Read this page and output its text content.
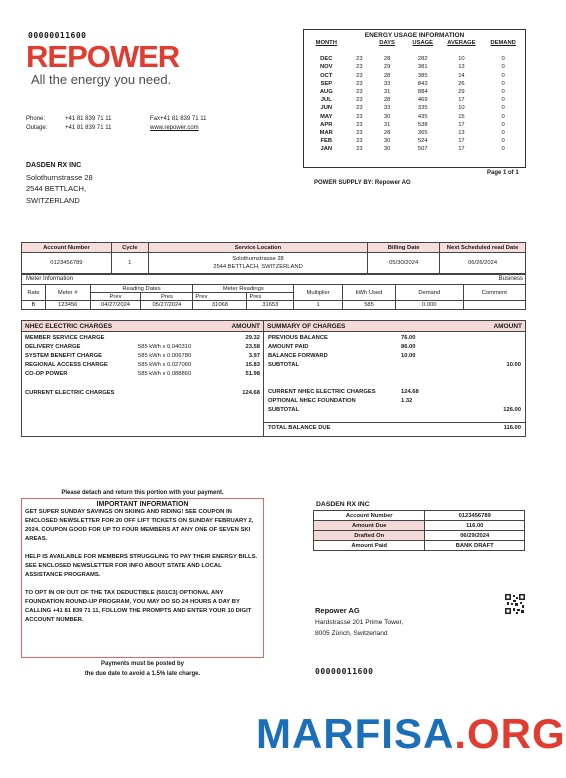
00000011600
REPOWER
All the energy you need.
Phone:
Outage:
+41 81 839 71 11
+41 81 839 71 11
Fax+41 81 839 71 11
www.repower.com
DASDEN RX INC
Solothurnstrasse 28
2544 BETTLACH,
SWITZERLAND
ENERGY USAGE INFORMATION
MONTH		DAYS	USAGE	AVERAGE	DEMAND

DEC	23	28	282	10	0
NOV	23	29	381	13	0
OCT	23	28	385	14	0
SEP	23	33	843	26	0
AUG	23	31	884	29	0
JUL	23	28	469	17	0
JUN	23	33	335	10	0
MAY	23	30	435	15	0
APR	23	31	538	17	0
MAR	23	28	365	13	0
FEB	23	30	524	17	0
JAN	23	30	507	17	0
Page 1 of 1
POWER SUPPLY BY: Repower AG
Account Number	Cycle	Service Location	Billing Date	Next Scheduled read Date
0123456789	1	Solothurnstrasse 28
2544 BETTLACH, SWITZERLAND	05/30/2024	06/26/2024
Meter Information	Business
Rate	Meter #	Reading Dates		Meter Readings		Multiplier	kWh Used	Demand	Comment
		Prev	Pres	Prev	Pres				
B	123456	04/27/2024	05/27/2024	31068	31653	1	585	0.000	
NHEC ELECTRIC CHARGES	AMOUNT SUMMARY OF CHARGES	AMOUNT
MEMBER SERVICE CHARGE	29.32
DELIVERY CHARGE	585 kWh x 0.040310	23.58
SYSTEM BENEFIT CHARGE	585 kWh x 0.006780	3.97
REGIONAL ACCESS CHARGE	585 kWh x 0.027060	15.83
CO-OP POWER	585 kWh x 0.088860	51.98
CURRENT ELECTRIC CHARGES	124.68
PREVIOUS BALANCE	76.00
AMOUNT PAID	86.00
BALANCE FORWARD	10.00
SUBTOTAL	10.00
CURRENT NHEC ELECTRIC CHARGES	124.68
OPTIONAL NHEC FOUNDATION	1.32
SUBTOTAL	126.00
TOTAL BALANCE DUE	116.00
Please detach and return this portion with your payment.
IMPORTANT INFORMATION

GET SUPER SUNDAY SAVINGS ON SKIING AND RIDING! SEE COUPON IN ENCLOSED NEWSLETTER FOR 20 OFF LIFT TICKETS ON SUNDAY FEBRUARY 2, 2024. COUPON GOOD FOR UP TO FOUR MEMBERS AT ANY ONE OF SEVEN SKI AREAS.

HELP IS AVAILABLE FOR MEMBERS STRUGGLING TO PAY THEIR ENERGY BILLS. SEE ENCLOSED NEWSLETTER FOR INFO ABOUT STATE AND LOCAL ASSISTANCE PROGRAMS.

TO OPT IN OR OUT OF THE TAX DEDUCTIBLE (501C3) OPTIONAL ANY FOUNDATION ROUND-UP PROGRAM, YOU MAY DO SO 24 HOURS A DAY BY CALLING +41 81 839 71 11, FOLLOW THE PROMPTS AND ENTER YOUR 10 DIGIT ACCOUNT NUMBER.

Payments must be posted by
the due date to avoid a 1.5% late charge.
DASDEN RX INC
Account Number	0123456789
Amount Due	116.00
Drafted On	06/29/2024
Amount Paid	BANK DRAFT
Repower AG
Hardstrasse 201 Prime Tower,
8005 Zürich, Switzerland
00000011600
MARFISA.ORG
